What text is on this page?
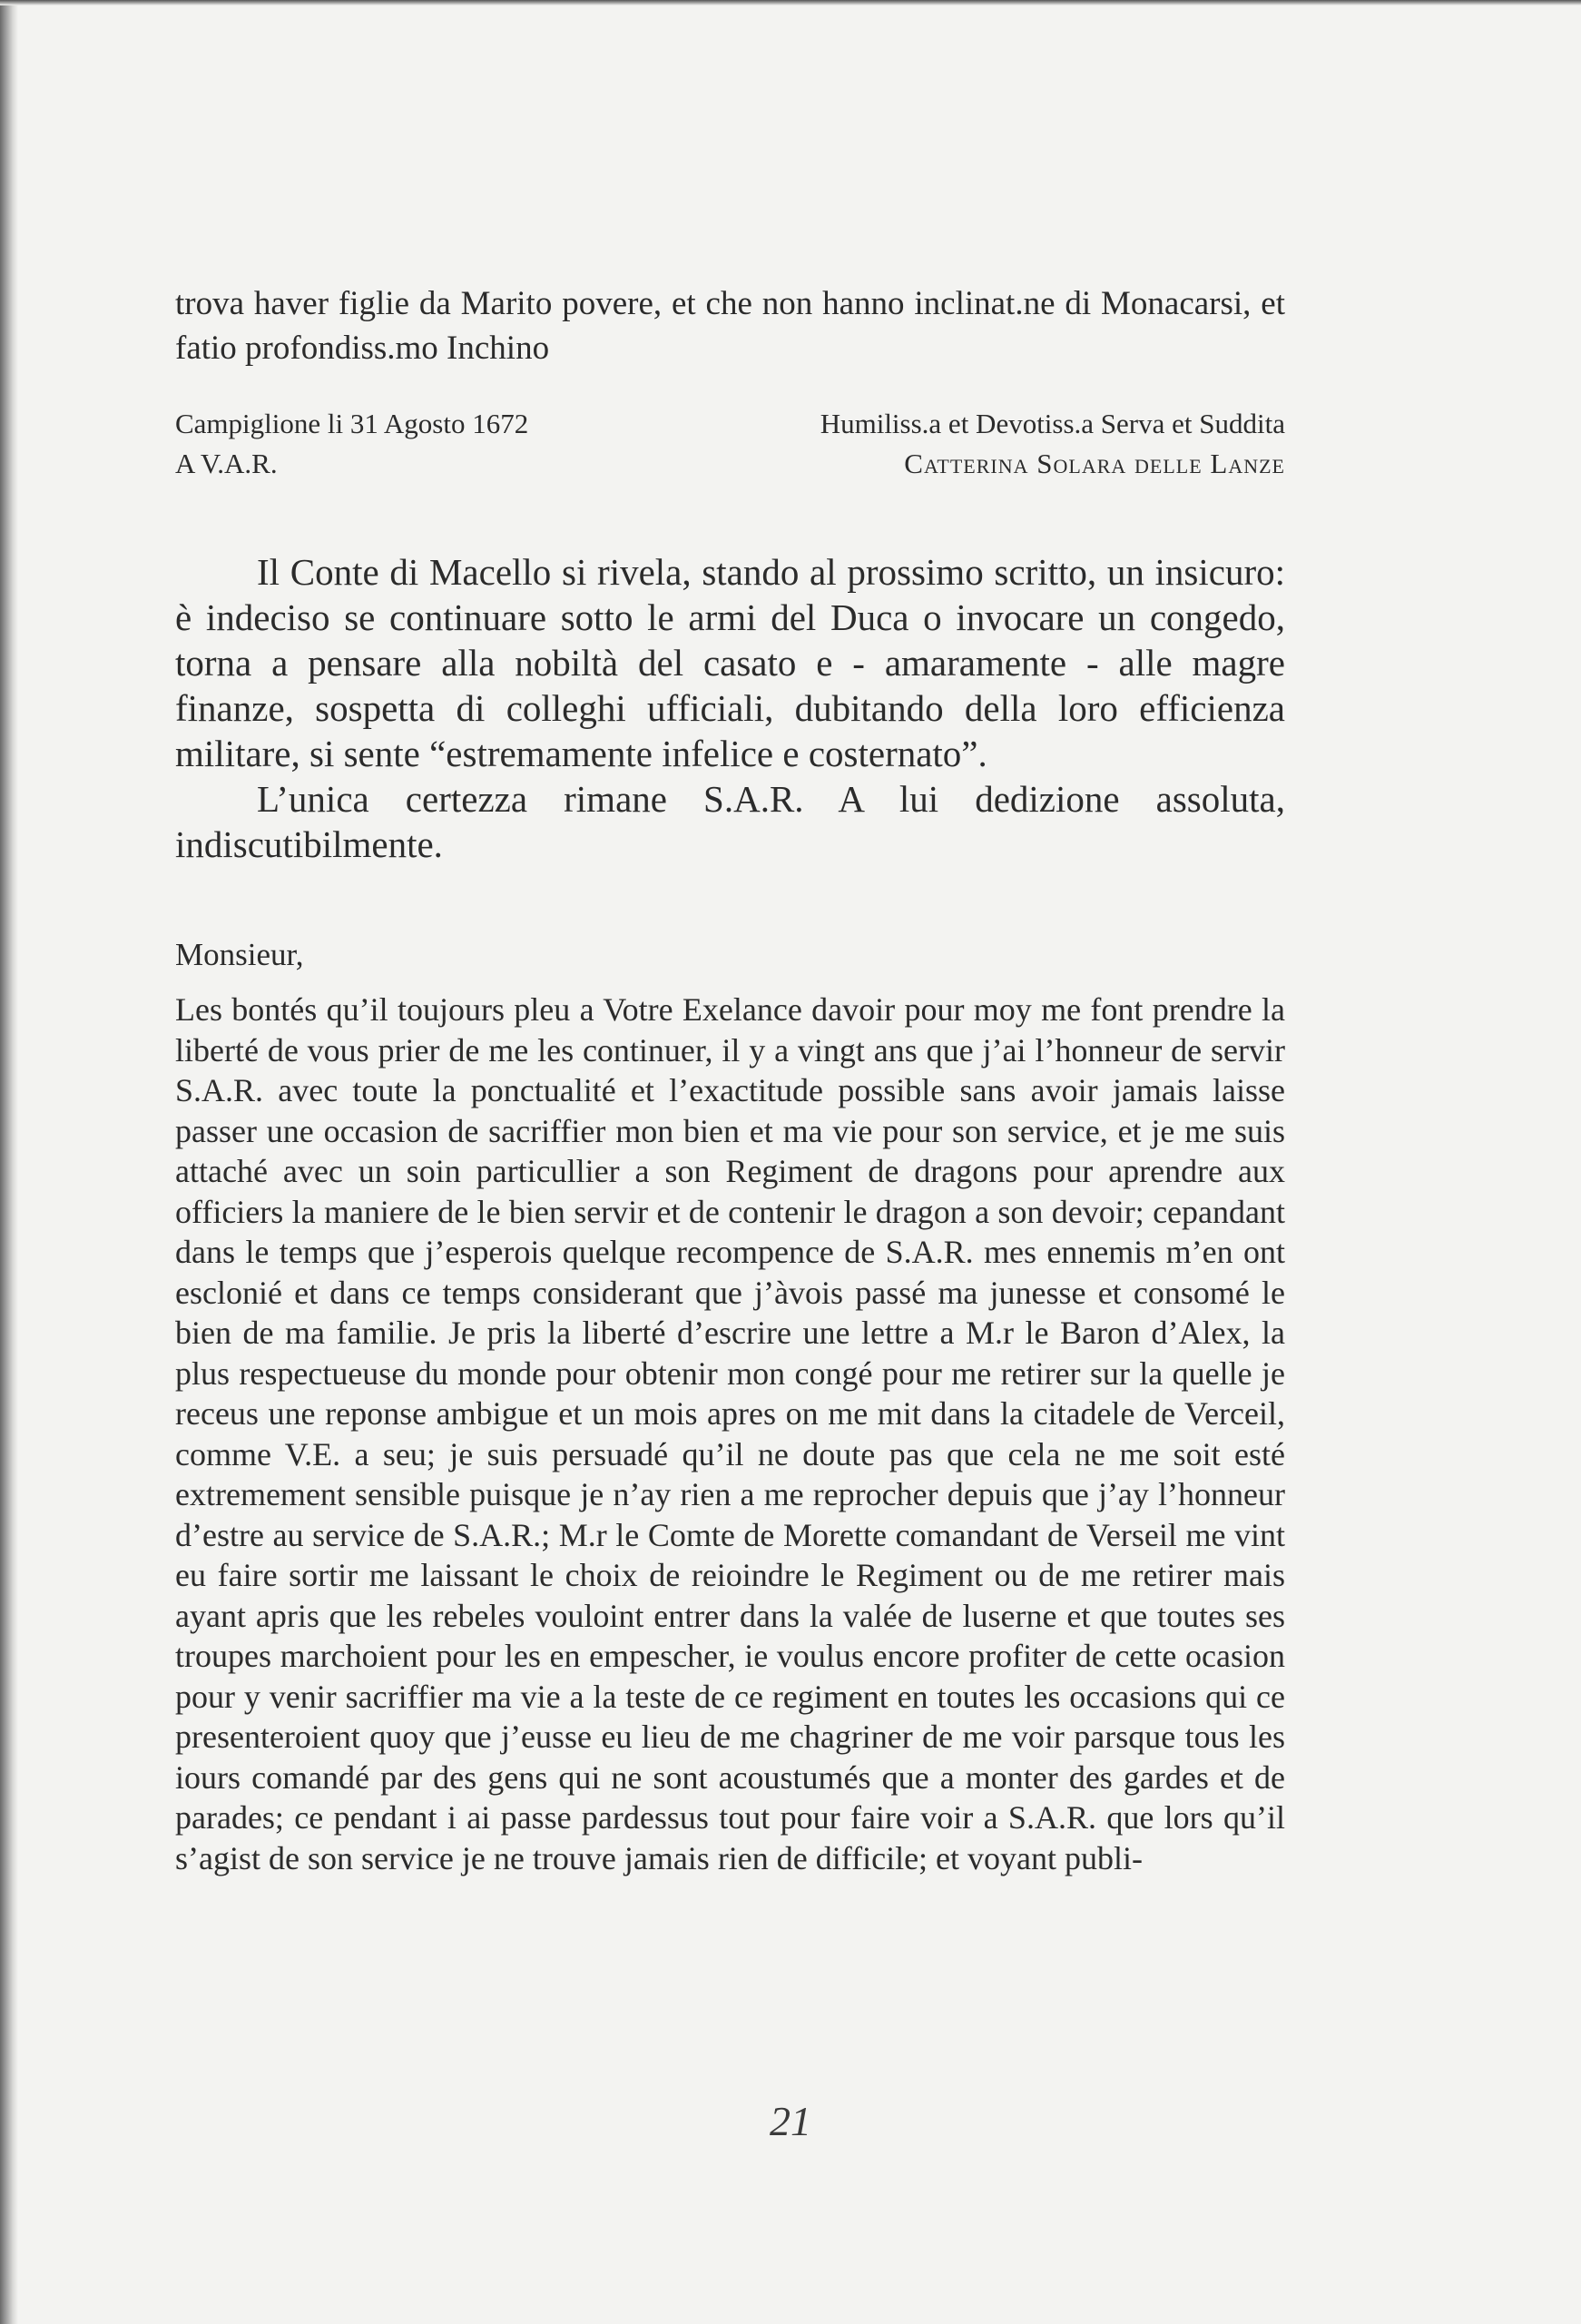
trova haver figlie da Marito povere, et che non hanno inclinat.ne di Monacarsi, et fatio profondiss.mo Inchino
Campiglione li 31 Agosto 1672
A V.A.R.
Humiliss.a et Devotiss.a Serva et Suddita
Catterina Solara delle Lanze

Il Conte di Macello si rivela, stando al prossimo scritto, un insicuro: è indeciso se continuare sotto le armi del Duca o invocare un congedo, torna a pensare alla nobiltà del casato e - amaramente - alle magre finanze, sospetta di colleghi ufficiali, dubitando della loro efficienza militare, si sente “estremamente infelice e costernato”.

L’unica certezza rimane S.A.R. A lui dedizione assoluta, indiscutibilmente.

Monsieur,
Les bontés qu’il toujours pleu a Votre Exelance davoir pour moy me font prendre la liberté de vous prier de me les continuer, il y a vingt ans que j’ai l’honneur de servir S.A.R. avec toute la ponctualité et l’exactitude possible sans avoir jamais laisse passer une occasion de sacriffier mon bien et ma vie pour son service, et je me suis attaché avec un soin particullier a son Regiment de dragons pour aprendre aux officiers la maniere de le bien servir et de contenir le dragon a son devoir; cepandant dans le temps que j’esperois quelque recompence de S.A.R. mes ennemis m’en ont esclonié et dans ce temps considerant que j’àvois passé ma junesse et consomé le bien de ma familie. Je pris la liberté d’escrire une lettre a M.r le Baron d’Alex, la plus respectueuse du monde pour obtenir mon congé pour me retirer sur la quelle je receus une reponse ambigue et un mois apres on me mit dans la citadele de Verceil, comme V.E. a seu; je suis persuadé qu’il ne doute pas que cela ne me soit esté extremement sensible puisque je n’ay rien a me reprocher depuis que j’ay l’honneur d’estre au service de S.A.R.; M.r le Comte de Morette comandant de Verseil me vint eu faire sortir me laissant le choix de reioindre le Regiment ou de me retirer mais ayant apris que les rebeles vouloint entrer dans la valée de luserne et que toutes ses troupes marchoient pour les en empescher, ie voulus encore profiter de cette ocasion pour y venir sacriffier ma vie a la teste de ce regiment en toutes les occasions qui ce presenteroient quoy que j’eusse eu lieu de me chagriner de me voir parsque tous les iours comandé par des gens qui ne sont acoustumés que a monter des gardes et de parades; ce pendant i ai passe pardessus tout pour faire voir a S.A.R. que lors qu’il s’agist de son service je ne trouve jamais rien de difficile; et voyant publi-
21
